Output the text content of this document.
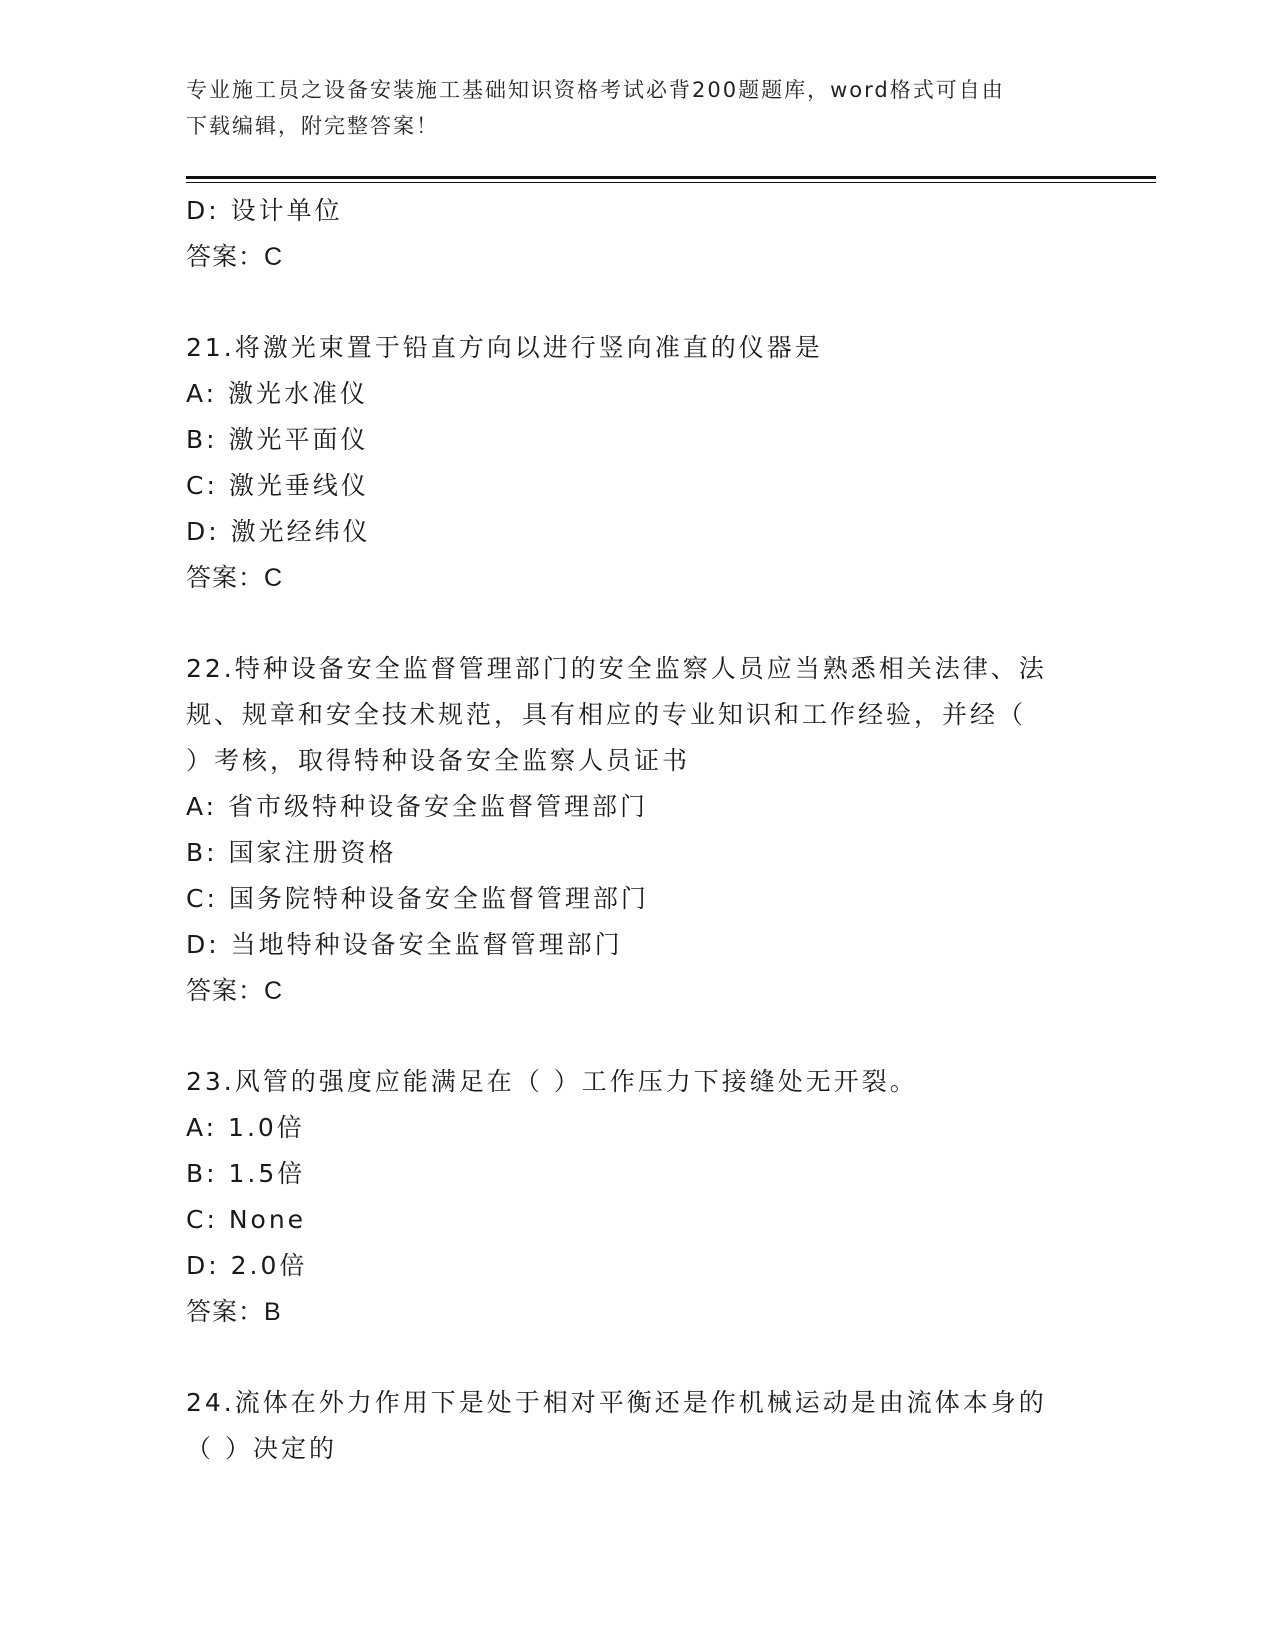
专业施工员之设备安装施工基础知识资格考试必背200题题库，word格式可自由
下载编辑，附完整答案！
D: 设计单位
答案：C
21.将激光束置于铅直方向以进行竖向准直的仪器是
A: 激光水准仪
B: 激光平面仪
C: 激光垂线仪
D: 激光经纬仪
答案：C
22.特种设备安全监督管理部门的安全监察人员应当熟悉相关法律、法
规、规章和安全技术规范，具有相应的专业知识和工作经验，并经（
）考核，取得特种设备安全监察人员证书
A: 省市级特种设备安全监督管理部门
B: 国家注册资格
C: 国务院特种设备安全监督管理部门
D: 当地特种设备安全监督管理部门
答案：C
23.风管的强度应能满足在（ ）工作压力下接缝处无开裂。
A: 1.0倍
B: 1.5倍
C: None
D: 2.0倍
答案：B
24.流体在外力作用下是处于相对平衡还是作机械运动是由流体本身的
（ ）决定的
